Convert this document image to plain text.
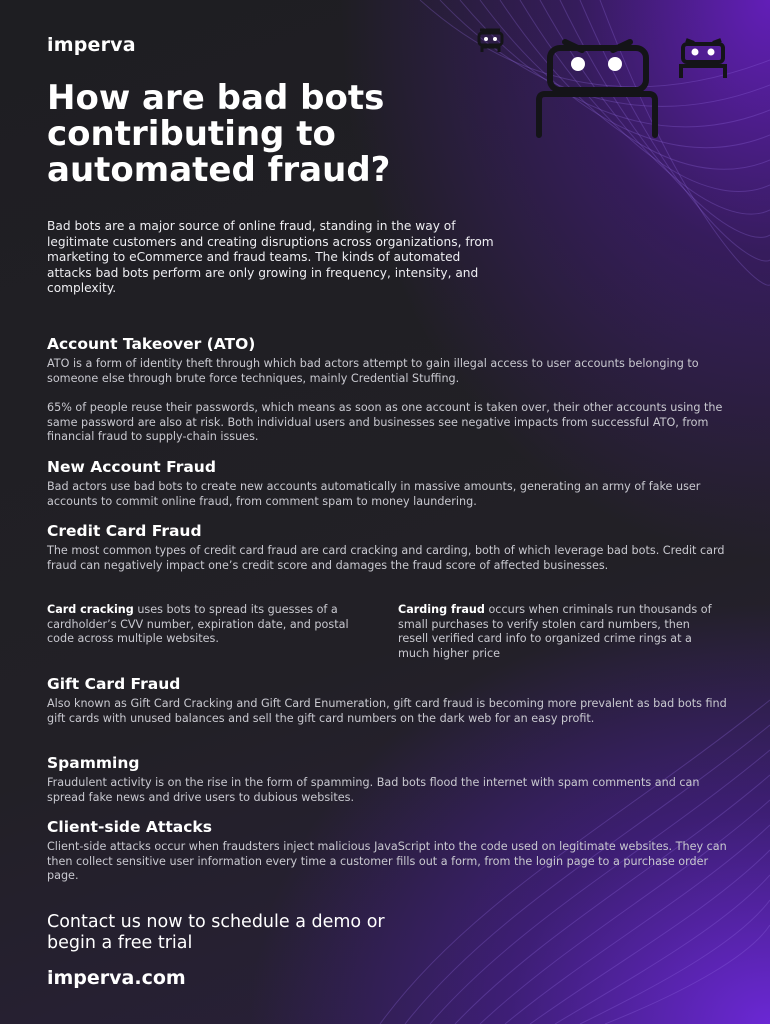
imperva
How are bad bots contributing to automated fraud?

Bad bots are a major source of online fraud, standing in the way of legitimate customers and creating disruptions across organizations, from marketing to eCommerce and fraud teams. The kinds of automated attacks bad bots perform are only growing in frequency, intensity, and complexity.

Account Takeover (ATO)

ATO is a form of identity theft through which bad actors attempt to gain illegal access to user accounts belonging to someone else through brute force techniques, mainly Credential Stuffing.

65% of people reuse their passwords, which means as soon as one account is taken over, their other accounts using the same password are also at risk. Both individual users and businesses see negative impacts from successful ATO, from financial fraud to supply-chain issues.

New Account Fraud

Bad actors use bad bots to create new accounts automatically in massive amounts, generating an army of fake user accounts to commit online fraud, from comment spam to money laundering.

Credit Card Fraud

The most common types of credit card fraud are card cracking and carding, both of which leverage bad bots. Credit card fraud can negatively impact one’s credit score and damages the fraud score of affected businesses.

Card cracking uses bots to spread its guesses of a cardholder’s CVV number, expiration date, and postal code across multiple websites.

Carding fraud occurs when criminals run thousands of small purchases to verify stolen card numbers, then resell verified card info to organized crime rings at a much higher price

Gift Card Fraud

Also known as Gift Card Cracking and Gift Card Enumeration, gift card fraud is becoming more prevalent as bad bots find gift cards with unused balances and sell the gift card numbers on the dark web for an easy profit.

Spamming

Fraudulent activity is on the rise in the form of spamming. Bad bots flood the internet with spam comments and can spread fake news and drive users to dubious websites.

Client-side Attacks

Client-side attacks occur when fraudsters inject malicious JavaScript into the code used on legitimate websites. They can then collect sensitive user information every time a customer fills out a form, from the login page to a purchase order page.

Contact us now to schedule a demo or begin a free trial

imperva.com
